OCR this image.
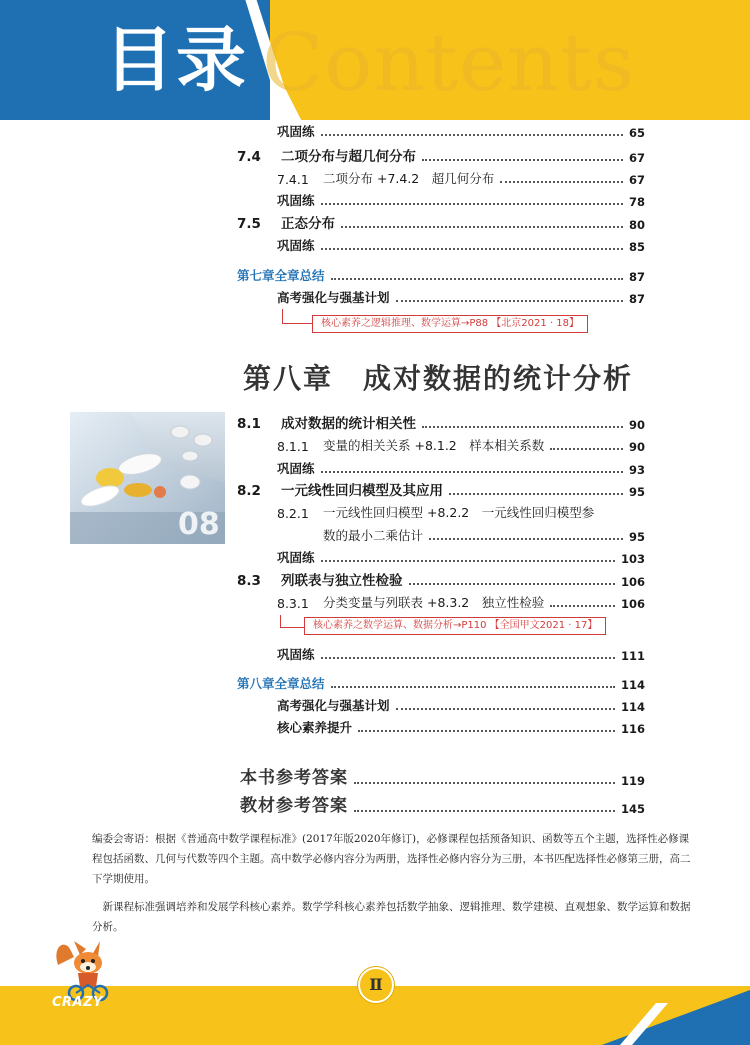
Contents
目录
巩固练	65
7.4	二项分布与超几何分布	67
7.4.1	二项分布 +7.4.2　超几何分布	67
巩固练	78
7.5	正态分布	80
巩固练	85
第七章全章总结	87
高考强化与强基计划	87
核心素养之逻辑推理、数学运算→P88 【北京2021 · 18】
第八章　成对数据的统计分析
08
8.1	成对数据的统计相关性	90
8.1.1	变量的相关关系 +8.1.2　样本相关系数	90
巩固练	93
8.2	一元线性回归模型及其应用	95
8.2.1	一元线性回归模型 +8.2.2　一元线性回归模型参
数的最小二乘估计	95
巩固练	103
8.3	列联表与独立性检验	106
8.3.1	分类变量与列联表 +8.3.2　独立性检验	106
核心素养之数学运算、数据分析→P110 【全国甲文2021 · 17】
巩固练	111
第八章全章总结	114
高考强化与强基计划	114
核心素养提升	116
本书参考答案	119
教材参考答案	145
编委会寄语：根据《普通高中数学课程标准》(2017年版2020年修订)，必修课程包括预备知识、函数等五个主题，选择性必修课程包括函数、几何与代数等四个主题。高中数学必修内容分为两册，选择性必修内容分为三册，本书匹配选择性必修第三册，高二下学期使用。
新课程标准强调培养和发展学科核心素养。数学学科核心素养包括数学抽象、逻辑推理、数学建模、直观想象、数学运算和数据分析。
Ⅱ
CRAZY
